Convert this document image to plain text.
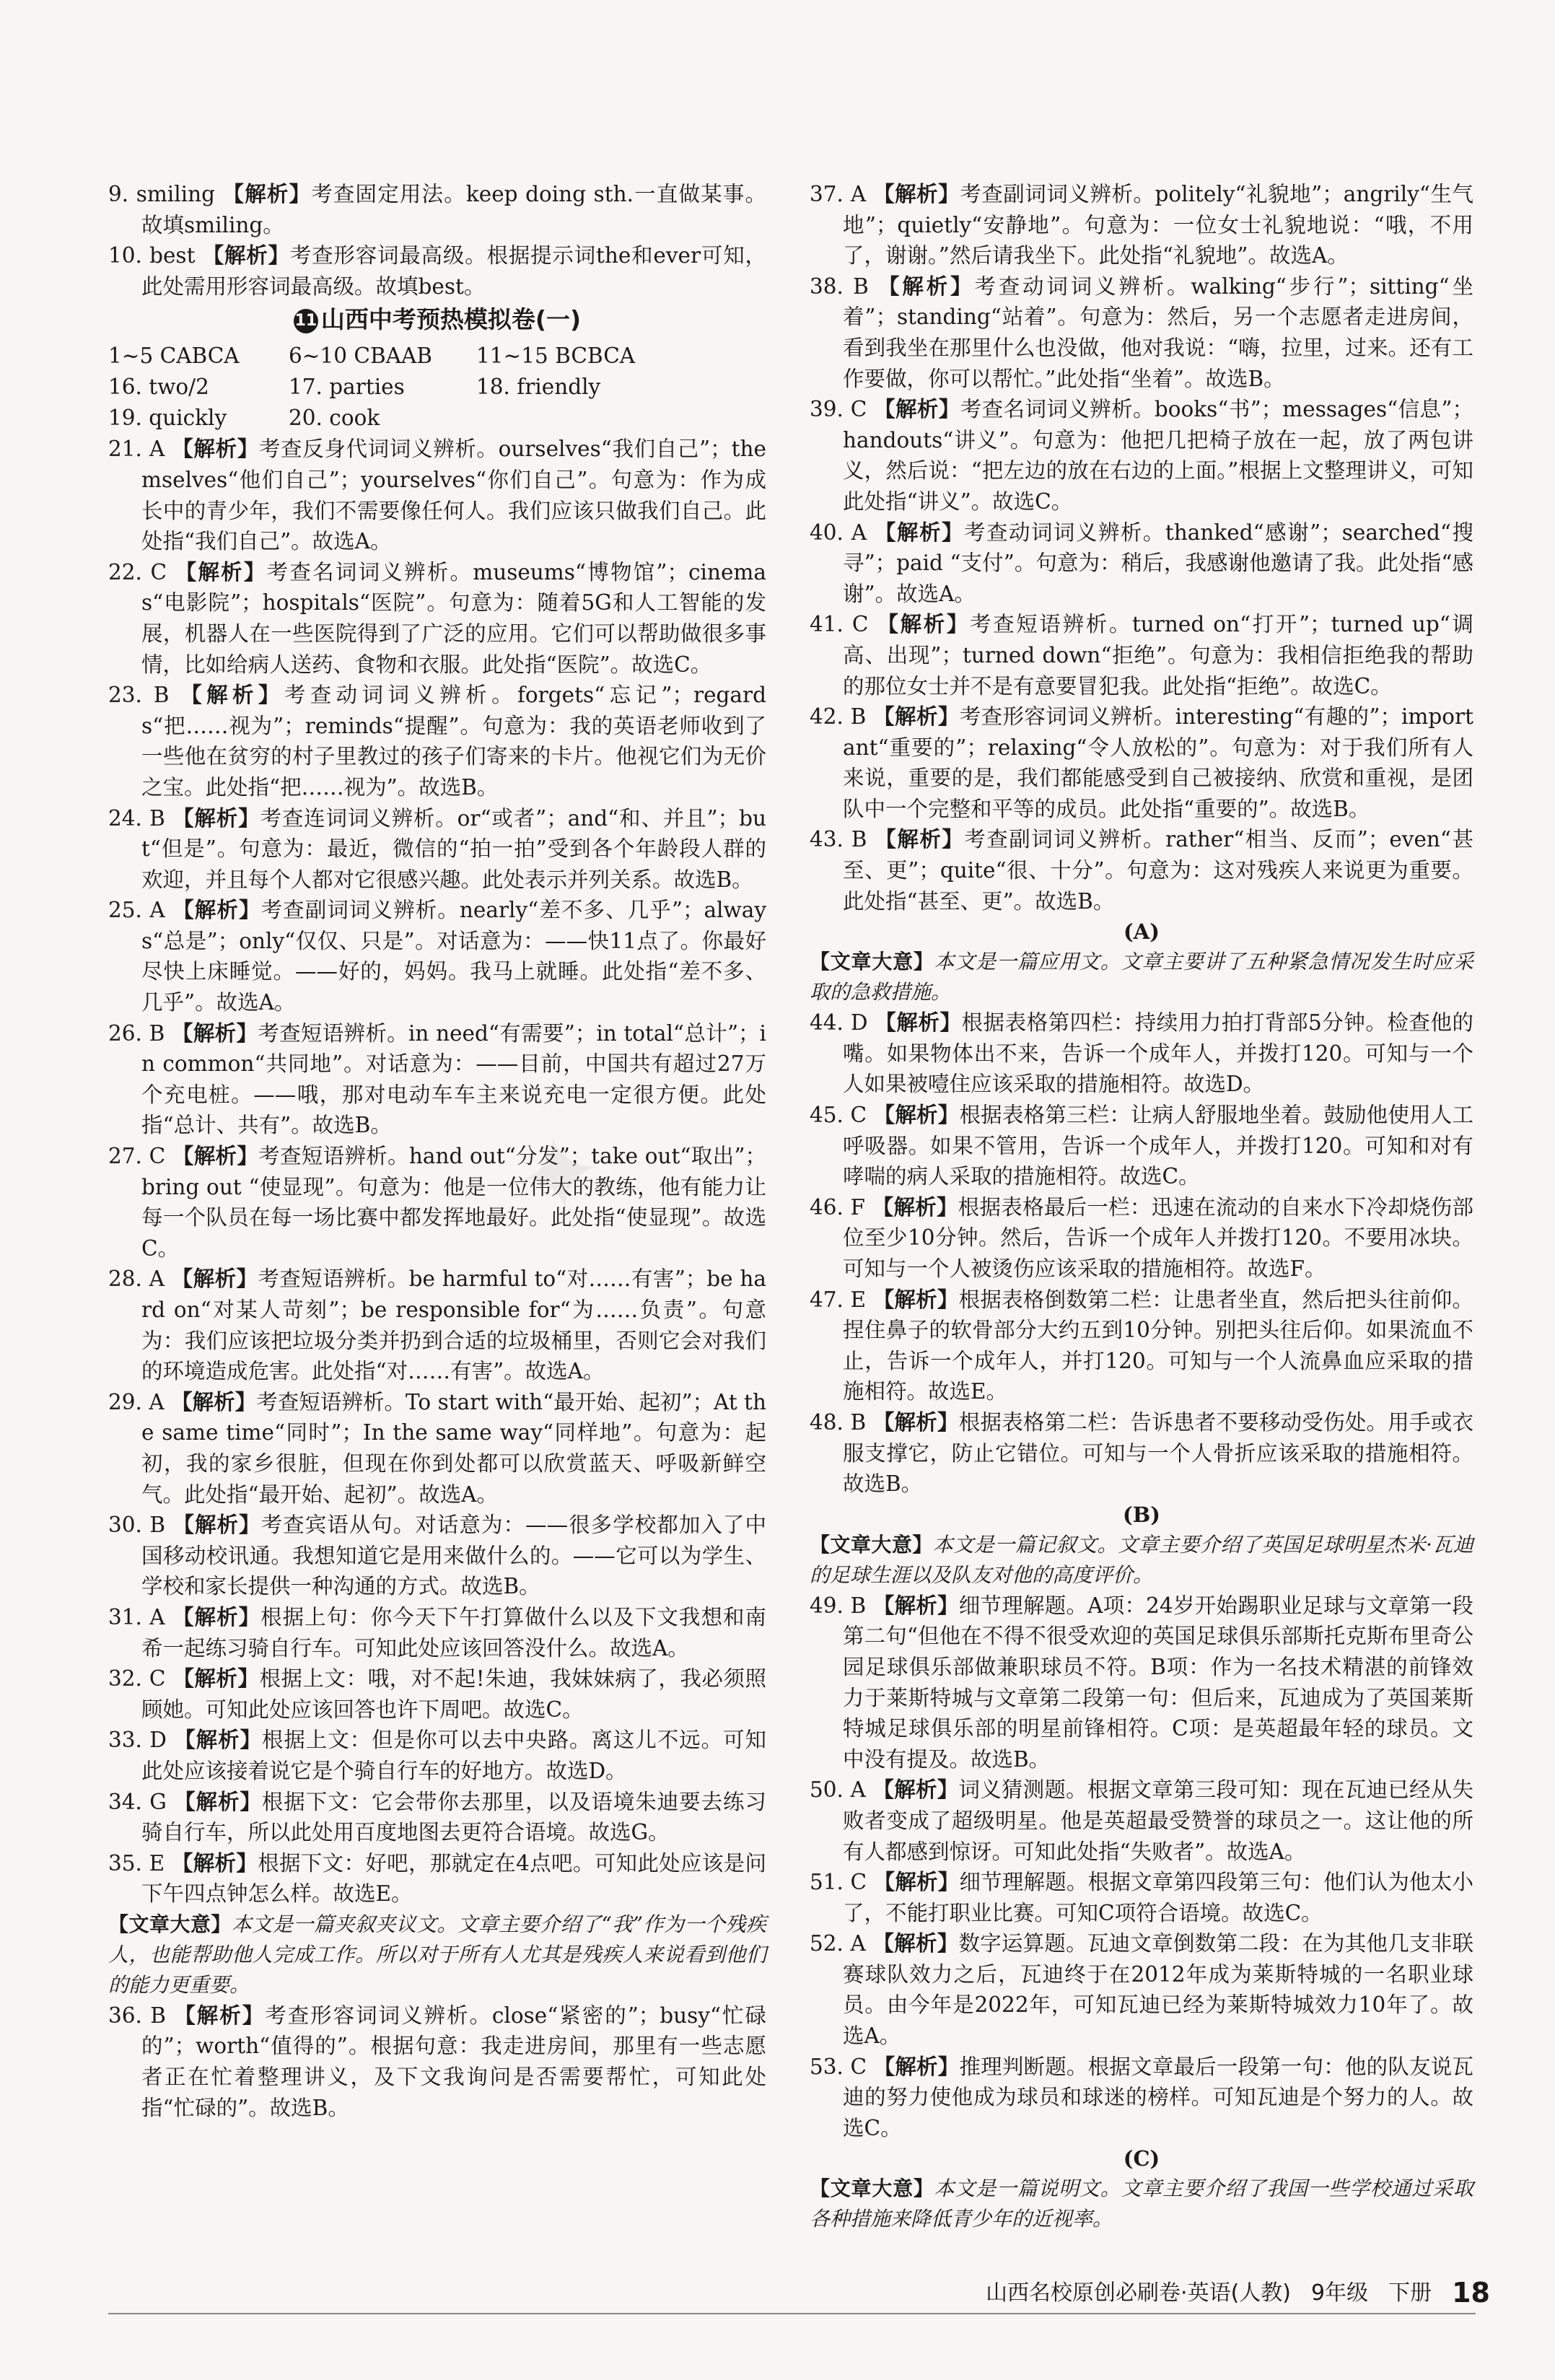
✦

9. smiling 【解析】考查固定用法。keep doing sth.一直做某事。故填smiling。

10. best 【解析】考查形容词最高级。根据提示词the和ever可知，此处需用形容词最高级。故填best。

11 山西中考预热模拟卷(一)
1~5 CABCA	6~10 CBAAB	11~15 BCBCA
16. two/2	17. parties	18. friendly
19. quickly	20. cook

21. A 【解析】考查反身代词词义辨析。ourselves“我们自己”；themselves“他们自己”；yourselves“你们自己”。句意为：作为成长中的青少年，我们不需要像任何人。我们应该只做我们自己。此处指“我们自己”。故选A。

22. C 【解析】考查名词词义辨析。museums“博物馆”；cinemas“电影院”；hospitals“医院”。句意为：随着5G和人工智能的发展，机器人在一些医院得到了广泛的应用。它们可以帮助做很多事情，比如给病人送药、食物和衣服。此处指“医院”。故选C。

23. B 【解析】考查动词词义辨析。forgets“忘记”；regards“把……视为”；reminds“提醒”。句意为：我的英语老师收到了一些他在贫穷的村子里教过的孩子们寄来的卡片。他视它们为无价之宝。此处指“把……视为”。故选B。

24. B 【解析】考查连词词义辨析。or“或者”；and“和、并且”；but“但是”。句意为：最近，微信的“拍一拍”受到各个年龄段人群的欢迎，并且每个人都对它很感兴趣。此处表示并列关系。故选B。

25. A 【解析】考查副词词义辨析。nearly“差不多、几乎”；always“总是”；only“仅仅、只是”。对话意为：——快11点了。你最好尽快上床睡觉。——好的，妈妈。我马上就睡。此处指“差不多、几乎”。故选A。

26. B 【解析】考查短语辨析。in need“有需要”；in total“总计”；in common“共同地”。对话意为：——目前，中国共有超过27万个充电桩。——哦，那对电动车车主来说充电一定很方便。此处指“总计、共有”。故选B。

27. C 【解析】考查短语辨析。hand out“分发”；take out“取出”；bring out “使显现”。句意为：他是一位伟大的教练，他有能力让每一个队员在每一场比赛中都发挥地最好。此处指“使显现”。故选C。

28. A 【解析】考查短语辨析。be harmful to“对……有害”；be hard on“对某人苛刻”；be responsible for“为……负责”。句意为：我们应该把垃圾分类并扔到合适的垃圾桶里，否则它会对我们的环境造成危害。此处指“对……有害”。故选A。

29. A 【解析】考查短语辨析。To start with“最开始、起初”；At the same time“同时”；In the same way“同样地”。句意为：起初，我的家乡很脏，但现在你到处都可以欣赏蓝天、呼吸新鲜空气。此处指“最开始、起初”。故选A。

30. B 【解析】考查宾语从句。对话意为：——很多学校都加入了中国移动校讯通。我想知道它是用来做什么的。——它可以为学生、学校和家长提供一种沟通的方式。故选B。

31. A 【解析】根据上句：你今天下午打算做什么以及下文我想和南希一起练习骑自行车。可知此处应该回答没什么。故选A。

32. C 【解析】根据上文：哦，对不起!朱迪，我妹妹病了，我必须照顾她。可知此处应该回答也许下周吧。故选C。

33. D 【解析】根据上文：但是你可以去中央路。离这儿不远。可知此处应该接着说它是个骑自行车的好地方。故选D。

34. G 【解析】根据下文：它会带你去那里，以及语境朱迪要去练习骑自行车，所以此处用百度地图去更符合语境。故选G。

35. E 【解析】根据下文：好吧，那就定在4点吧。可知此处应该是问下午四点钟怎么样。故选E。

【文章大意】本文是一篇夹叙夹议文。文章主要介绍了“我”作为一个残疾人，也能帮助他人完成工作。所以对于所有人尤其是残疾人来说看到他们的能力更重要。

36. B 【解析】考查形容词词义辨析。close“紧密的”；busy“忙碌的”；worth“值得的”。根据句意：我走进房间，那里有一些志愿者正在忙着整理讲义，及下文我询问是否需要帮忙，可知此处指“忙碌的”。故选B。

37. A 【解析】考查副词词义辨析。politely“礼貌地”；angrily“生气地”；quietly“安静地”。句意为：一位女士礼貌地说：“哦，不用了，谢谢。”然后请我坐下。此处指“礼貌地”。故选A。

38. B 【解析】考查动词词义辨析。walking“步行”；sitting“坐着”；standing“站着”。句意为：然后，另一个志愿者走进房间，看到我坐在那里什么也没做，他对我说：“嗨，拉里，过来。还有工作要做，你可以帮忙。”此处指“坐着”。故选B。

39. C 【解析】考查名词词义辨析。books“书”；messages“信息”；handouts“讲义”。句意为：他把几把椅子放在一起，放了两包讲义，然后说：“把左边的放在右边的上面。”根据上文整理讲义，可知此处指“讲义”。故选C。

40. A 【解析】考查动词词义辨析。thanked“感谢”；searched“搜寻”；paid “支付”。句意为：稍后，我感谢他邀请了我。此处指“感谢”。故选A。

41. C 【解析】考查短语辨析。turned on“打开”；turned up“调高、出现”；turned down“拒绝”。句意为：我相信拒绝我的帮助的那位女士并不是有意要冒犯我。此处指“拒绝”。故选C。

42. B 【解析】考查形容词词义辨析。interesting“有趣的”；important“重要的”；relaxing“令人放松的”。句意为：对于我们所有人来说，重要的是，我们都能感受到自己被接纳、欣赏和重视，是团队中一个完整和平等的成员。此处指“重要的”。故选B。

43. B 【解析】考查副词词义辨析。rather“相当、反而”；even“甚至、更”；quite“很、十分”。句意为：这对残疾人来说更为重要。此处指“甚至、更”。故选B。

(A)

【文章大意】本文是一篇应用文。文章主要讲了五种紧急情况发生时应采取的急救措施。

44. D 【解析】根据表格第四栏：持续用力拍打背部5分钟。检查他的嘴。如果物体出不来，告诉一个成年人，并拨打120。可知与一个人如果被噎住应该采取的措施相符。故选D。

45. C 【解析】根据表格第三栏：让病人舒服地坐着。鼓励他使用人工呼吸器。如果不管用，告诉一个成年人，并拨打120。可知和对有哮喘的病人采取的措施相符。故选C。

46. F 【解析】根据表格最后一栏：迅速在流动的自来水下冷却烧伤部位至少10分钟。然后，告诉一个成年人并拨打120。不要用冰块。可知与一个人被烫伤应该采取的措施相符。故选F。

47. E 【解析】根据表格倒数第二栏：让患者坐直，然后把头往前仰。捏住鼻子的软骨部分大约五到10分钟。别把头往后仰。如果流血不止，告诉一个成年人，并打120。可知与一个人流鼻血应采取的措施相符。故选E。

48. B 【解析】根据表格第二栏：告诉患者不要移动受伤处。用手或衣服支撑它，防止它错位。可知与一个人骨折应该采取的措施相符。故选B。

(B)

【文章大意】本文是一篇记叙文。文章主要介绍了英国足球明星杰米·瓦迪的足球生涯以及队友对他的高度评价。

49. B 【解析】细节理解题。A项：24岁开始踢职业足球与文章第一段第二句“但他在不得不很受欢迎的英国足球俱乐部斯托克斯布里奇公园足球俱乐部做兼职球员不符。B项：作为一名技术精湛的前锋效力于莱斯特城与文章第二段第一句：但后来，瓦迪成为了英国莱斯特城足球俱乐部的明星前锋相符。C项：是英超最年轻的球员。文中没有提及。故选B。

50. A 【解析】词义猜测题。根据文章第三段可知：现在瓦迪已经从失败者变成了超级明星。他是英超最受赞誉的球员之一。这让他的所有人都感到惊讶。可知此处指“失败者”。故选A。

51. C 【解析】细节理解题。根据文章第四段第三句：他们认为他太小了，不能打职业比赛。可知C项符合语境。故选C。

52. A 【解析】数字运算题。瓦迪文章倒数第二段：在为其他几支非联赛球队效力之后，瓦迪终于在2012年成为莱斯特城的一名职业球员。由今年是2022年，可知瓦迪已经为莱斯特城效力10年了。故选A。

53. C 【解析】推理判断题。根据文章最后一段第一句：他的队友说瓦迪的努力使他成为球员和球迷的榜样。可知瓦迪是个努力的人。故选C。

(C)

【文章大意】本文是一篇说明文。文章主要介绍了我国一些学校通过采取各种措施来降低青少年的近视率。

山西名校原创必刷卷·英语(人教) 9年级 下册 18
